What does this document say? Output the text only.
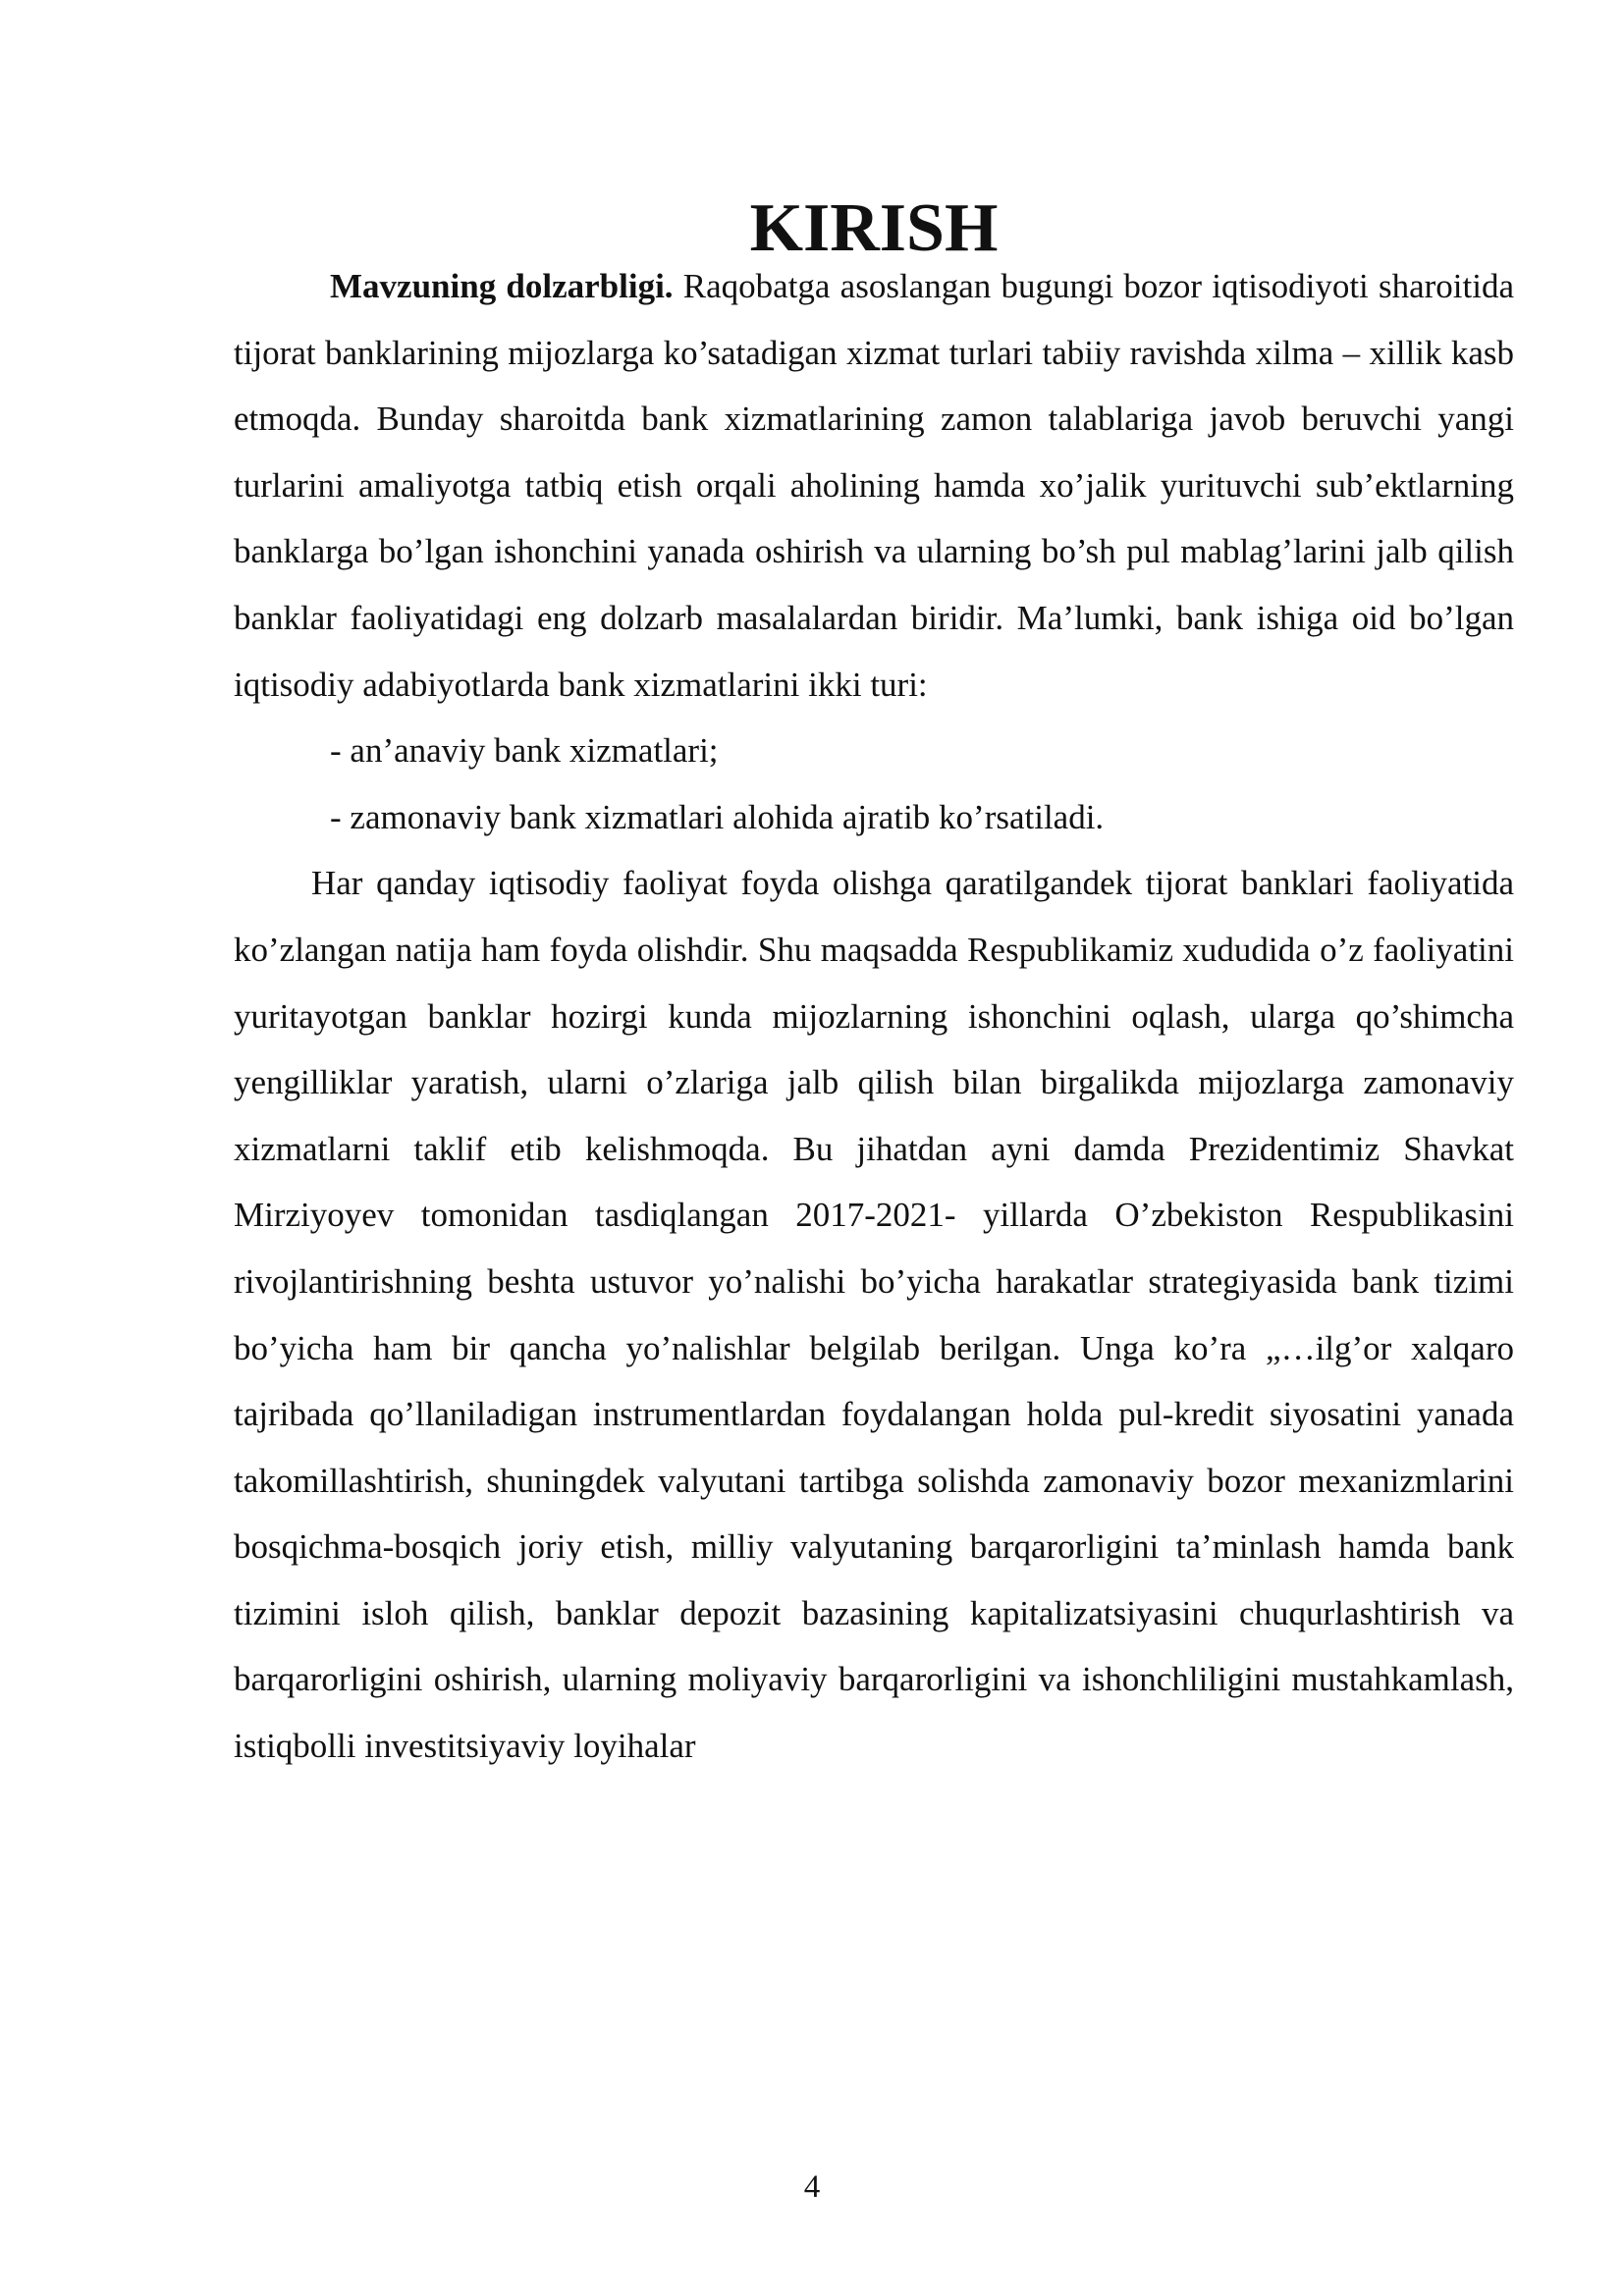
KIRISH

Mavzuning dolzarbligi. Raqobatga asoslangan bugungi bozor iqtisodiyoti sharoitida tijorat banklarining mijozlarga ko’satadigan xizmat turlari tabiiy ravishda xilma – xillik kasb etmoqda. Bunday sharoitda bank xizmatlarining zamon talablariga javob beruvchi yangi turlarini amaliyotga tatbiq etish orqali aholining hamda xo’jalik yurituvchi sub’ektlarning banklarga bo’lgan ishonchini yanada oshirish va ularning bo’sh pul mablag’larini jalb qilish banklar faoliyatidagi eng dolzarb masalalardan biridir. Ma’lumki, bank ishiga oid bo’lgan iqtisodiy adabiyotlarda bank xizmatlarini ikki turi:

- an’anaviy bank xizmatlari;

- zamonaviy bank xizmatlari alohida ajratib ko’rsatiladi.

Har qanday iqtisodiy faoliyat foyda olishga qaratilgandek tijorat banklari faoliyatida ko’zlangan natija ham foyda olishdir. Shu maqsadda Respublikamiz xududida o’z faoliyatini yuritayotgan banklar hozirgi kunda mijozlarning ishonchini oqlash, ularga qo’shimcha yengilliklar yaratish, ularni o’zlariga jalb qilish bilan birgalikda mijozlarga zamonaviy xizmatlarni taklif etib kelishmoqda. Bu jihatdan ayni damda Prezidentimiz Shavkat Mirziyoyev tomonidan tasdiqlangan 2017-2021- yillarda O’zbekiston Respublikasini rivojlantirishning beshta ustuvor yo’nalishi bo’yicha harakatlar strategiyasida bank tizimi bo’yicha ham bir qancha yo’nalishlar belgilab berilgan. Unga ko’ra „…ilg’or xalqaro tajribada qo’llaniladigan instrumentlardan foydalangan holda pul-kredit siyosatini yanada takomillashtirish, shuningdek valyutani tartibga solishda zamonaviy bozor mexanizmlarini bosqichma-bosqich joriy etish, milliy valyutaning barqarorligini ta’minlash hamda bank tizimini isloh qilish, banklar depozit bazasining kapitalizatsiyasini chuqurlashtirish va barqarorligini oshirish, ularning moliyaviy barqarorligini va ishonchliligini mustahkamlash, istiqbolli investitsiyaviy loyihalar

4
